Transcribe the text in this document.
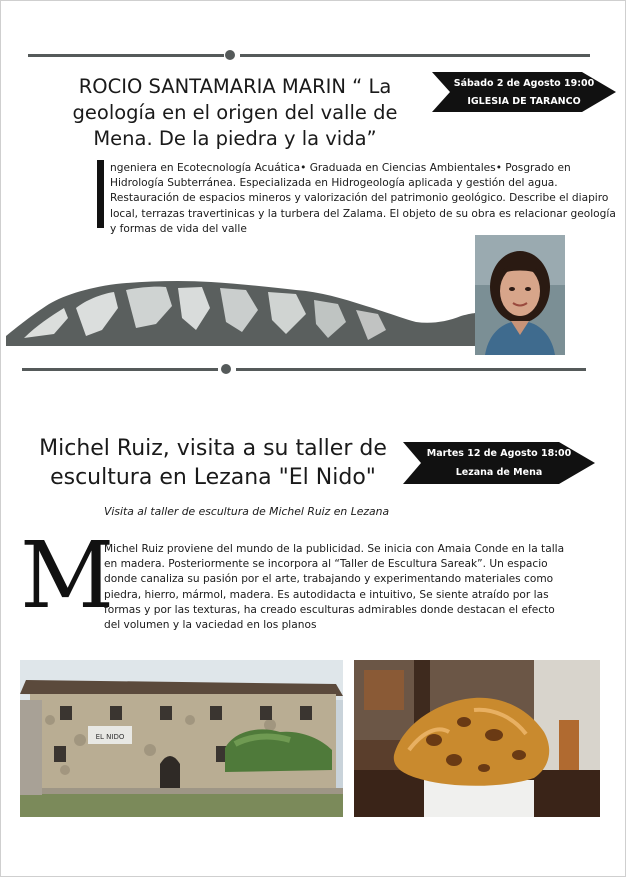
ROCIO SANTAMARIA MARIN “ La geología en el origen del valle de Mena. De la piedra y la vida”
Sábado 2 de Agosto 19:00
IGLESIA DE TARANCO
ngeniera en Ecotecnología Acuática• Graduada en Ciencias Ambientales• Posgrado en Hidrología Subterránea. Especializada en Hidrogeología aplicada y gestión del agua. Restauración de espacios mineros y valorización del patrimonio geológico. Describe el diapiro local, terrazas travertinicas y la turbera del Zalama. El objeto de su obra es relacionar geología y formas de vida del valle
Michel Ruiz, visita a su taller de escultura en Lezana "El Nido"
Martes 12 de Agosto 18:00
Lezana de Mena
Visita al taller de escultura de Michel Ruiz en Lezana
M
Michel Ruiz proviene del mundo de la publicidad. Se inicia con Amaia Conde en la talla en madera. Posteriormente se incorpora al “Taller de Escultura Sareak”. Un espacio donde canaliza su pasión por el arte, trabajando y experimentando materiales como piedra, hierro, mármol, madera. Es autodidacta e intuitivo, Se siente atraído por las formas y por las texturas, ha creado esculturas admirables donde destacan el efecto del volumen y la vaciedad en los planos
EL NIDO
